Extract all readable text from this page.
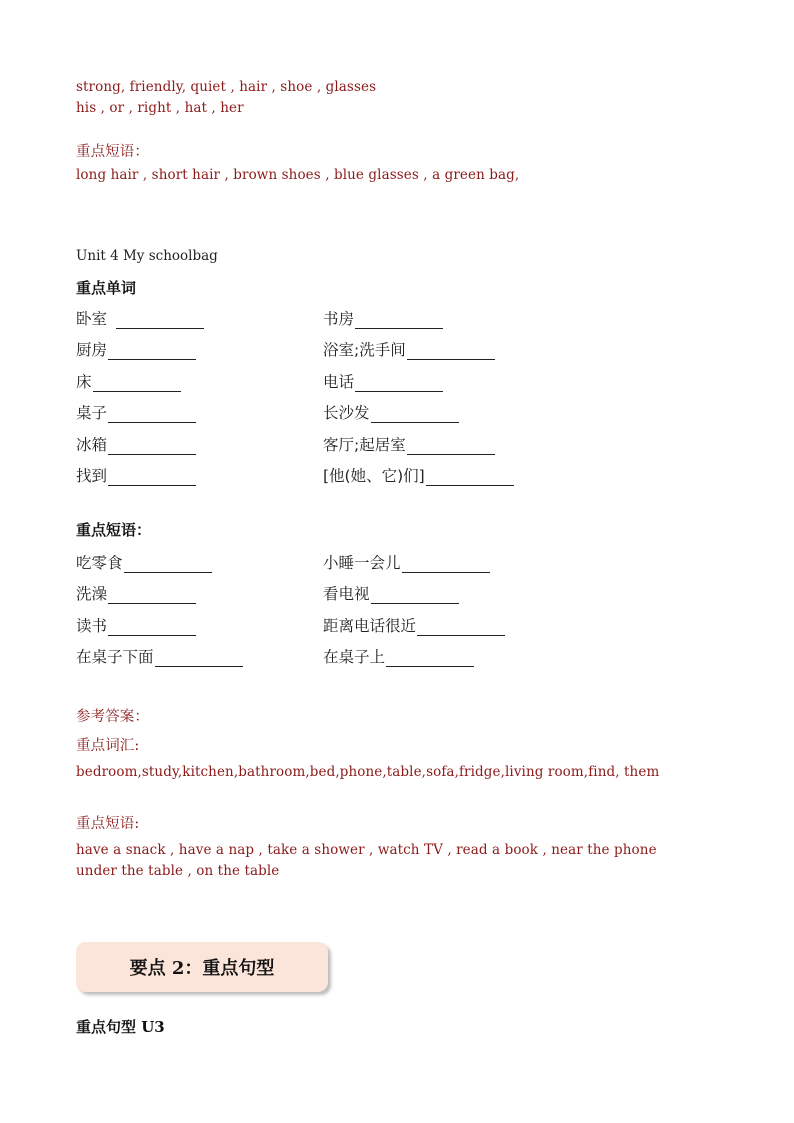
strong, friendly, quiet , hair , shoe , glasses
his , or , right , hat , her
重点短语：
long hair , short hair , brown shoes , blue glasses , a green bag,
Unit 4 My schoolbag
重点单词
卧室	书房
厨房	浴室;洗手间
床	电话
桌子	长沙发
冰箱	客厅;起居室
找到	[他(她、它)们]
重点短语：
吃零食	小睡一会儿
洗澡	看电视
读书	距离电话很近
在桌子下面	在桌子上
参考答案：
重点词汇:
bedroom,study,kitchen,bathroom,bed,phone,table,sofa,fridge,living room,find, them
重点短语:
have a snack , have a nap , take a shower , watch TV , read a book , near the phone
under the table , on the table
要点 2：重点句型
重点句型 U3
